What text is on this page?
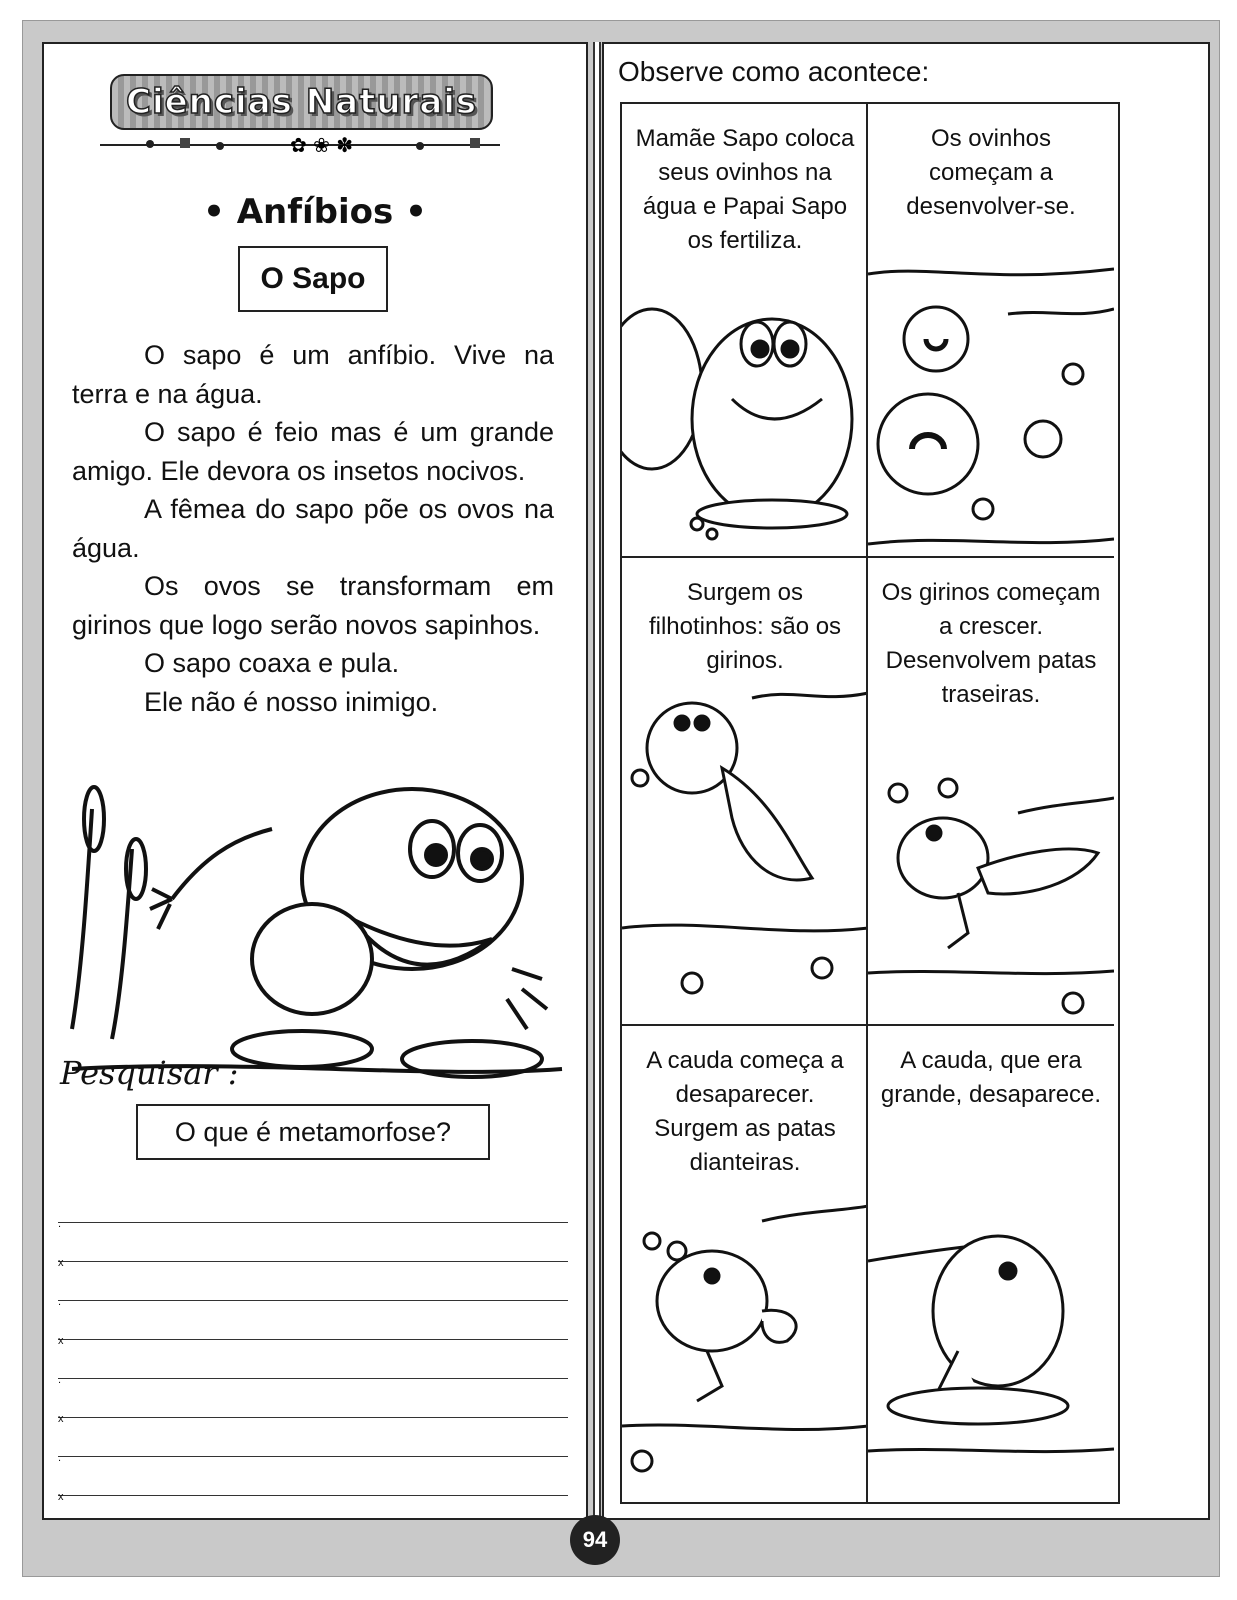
Ciências Naturais
✿ ❀ ✽
• Anfíbios •
O Sapo

O sapo é um anfíbio. Vive na terra e na água.

O sapo é feio mas é um grande amigo. Ele devora os insetos nocivos.

A fêmea do sapo põe os ovos na água.

Os ovos se transformam em girinos que logo serão novos sapinhos.

O sapo coaxa e pula.

Ele não é nosso inimigo.

Pesquisar :
O que é metamorfose?
.
x
.
x
.
x
.
x
Observe como acontece:
Mamãe Sapo coloca seus ovinhos na água e Papai Sapo os fertiliza.
Os ovinhos começam a desenvolver-se.
Surgem os filhotinhos: são os girinos.
Os girinos começam a crescer. Desenvolvem patas traseiras.
A cauda começa a desaparecer. Surgem as patas dianteiras.
A cauda, que era grande, desaparece.
94
